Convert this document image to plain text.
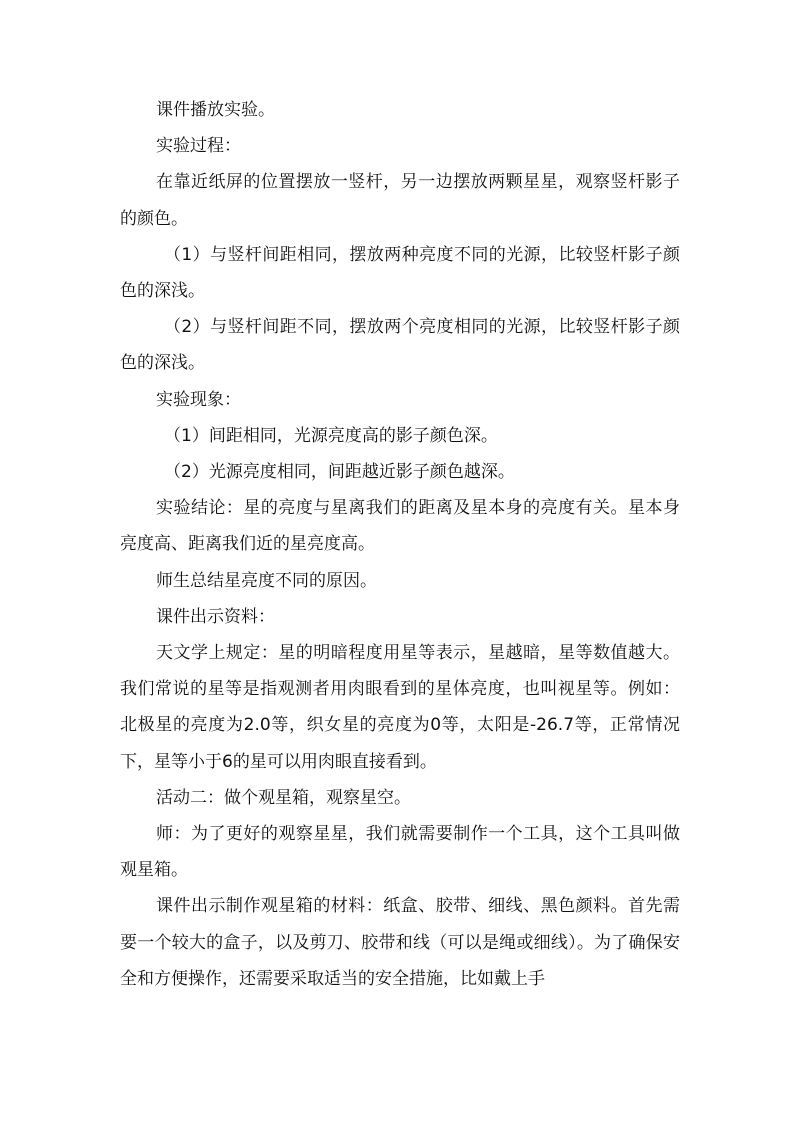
课件播放实验。

实验过程：

在靠近纸屏的位置摆放一竖杆，另一边摆放两颗星星，观察竖杆影子的颜色。

（1）与竖杆间距相同，摆放两种亮度不同的光源，比较竖杆影子颜色的深浅。

（2）与竖杆间距不同，摆放两个亮度相同的光源，比较竖杆影子颜色的深浅。

实验现象：

（1）间距相同，光源亮度高的影子颜色深。

（2）光源亮度相同，间距越近影子颜色越深。

实验结论：星的亮度与星离我们的距离及星本身的亮度有关。星本身亮度高、距离我们近的星亮度高。

师生总结星亮度不同的原因。

课件出示资料：

天文学上规定：星的明暗程度用星等表示，星越暗，星等数值越大。我们常说的星等是指观测者用肉眼看到的星体亮度，也叫视星等。例如：北极星的亮度为2.0等，织女星的亮度为0等，太阳是-26.7等，正常情况下，星等小于6的星可以用肉眼直接看到。

活动二：做个观星箱，观察星空。

师：为了更好的观察星星，我们就需要制作一个工具，这个工具叫做观星箱。

课件出示制作观星箱的材料：纸盒、胶带、细线、黑色颜料。首先需要一个较大的盒子，以及剪刀、胶带和线（可以是绳或细线）。为了确保安全和方便操作，还需要采取适当的安全措施，比如戴上手
